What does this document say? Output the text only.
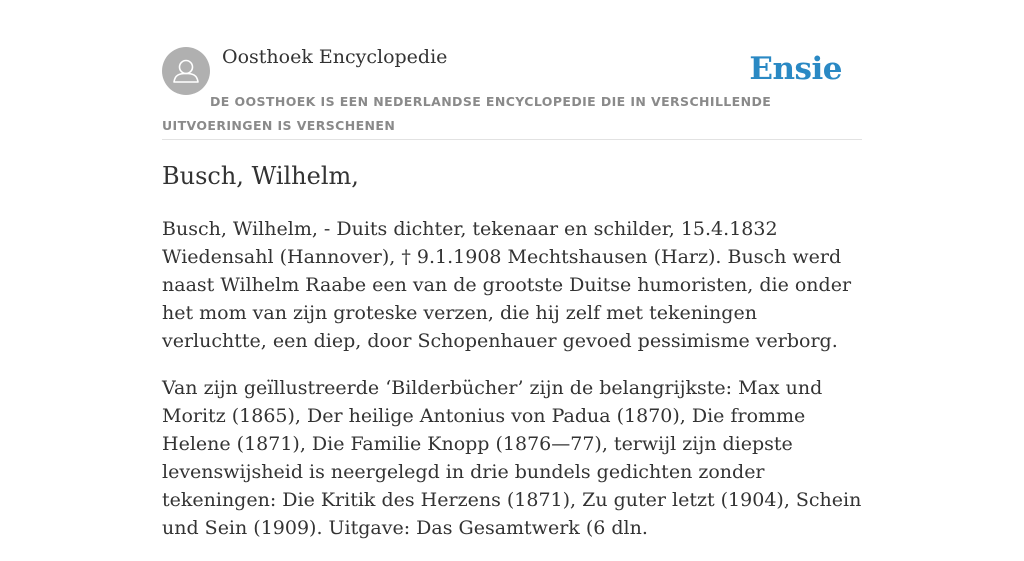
Oosthoek Encyclopedie	Ensie
DE OOSTHOEK IS EEN NEDERLANDSE ENCYCLOPEDIE DIE IN VERSCHILLENDE UITVOERINGEN IS VERSCHENEN
Busch, Wilhelm,

Busch, Wilhelm, - Duits dichter, tekenaar en schilder, 15.4.1832 Wiedensahl (Hannover), † 9.1.1908 Mechtshausen (Harz). Busch werd naast Wilhelm Raabe een van de grootste Duitse humoristen, die onder het mom van zijn groteske verzen, die hij zelf met tekeningen verluchtte, een diep, door Schopenhauer gevoed pessimisme verborg.

Van zijn geïllustreerde ‘Bilderbücher’ zijn de belangrijkste: Max und Moritz (1865), Der heilige Antonius von Padua (1870), Die fromme Helene (1871), Die Familie Knopp (1876—77), terwijl zijn diepste levenswijsheid is neergelegd in drie bundels gedichten zonder tekeningen: Die Kritik des Herzens (1871), Zu guter letzt (1904), Schein und Sein (1909). Uitgave: Das Gesamtwerk (6 dln.
